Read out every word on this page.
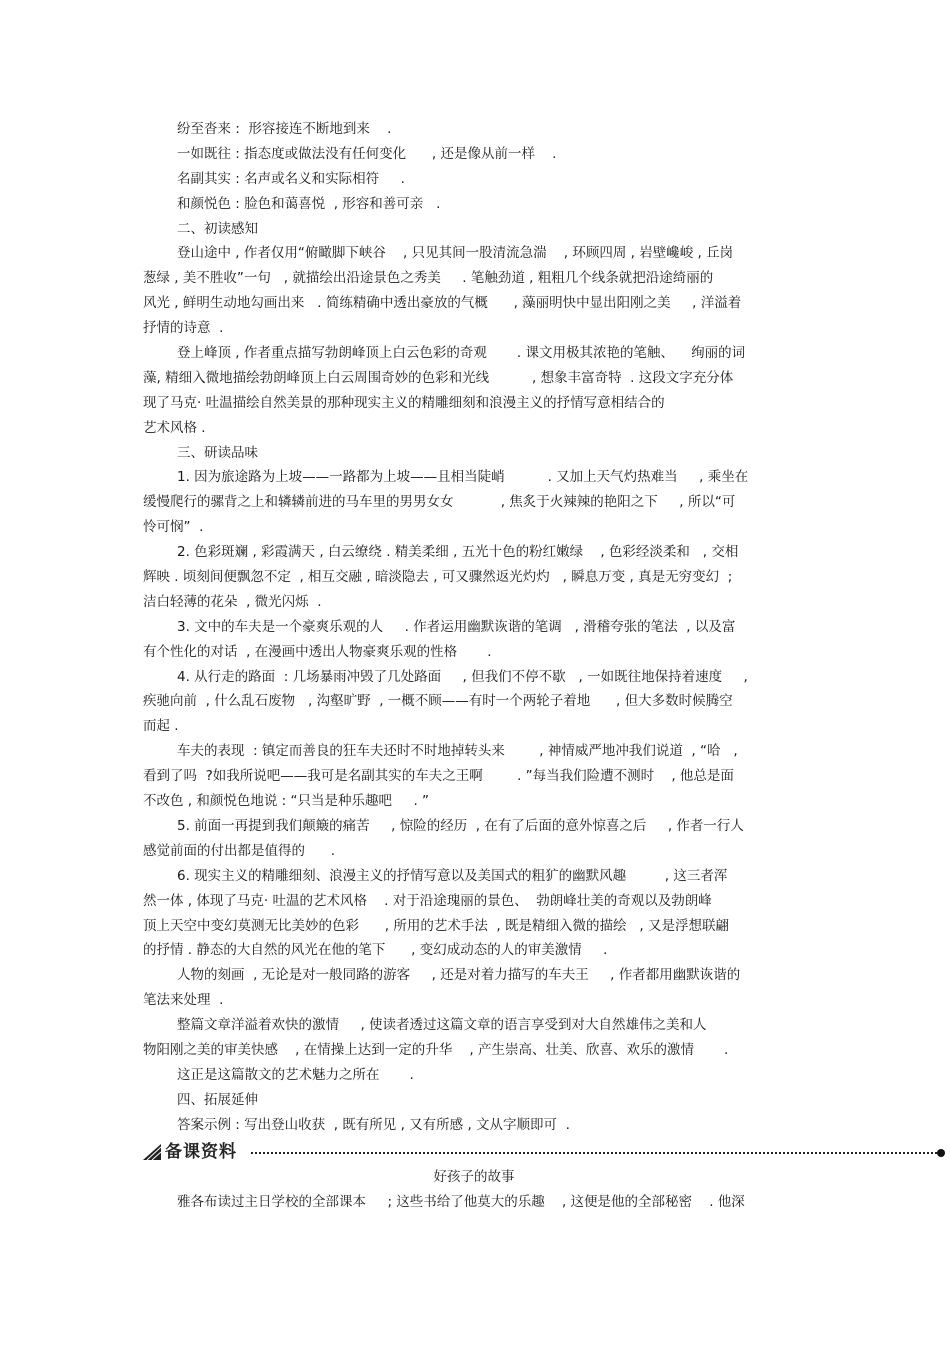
纷至沓来 :  形容接连不断地到来    .
一如既往 : 指态度或做法没有任何变化      , 还是像从前一样    .
名副其实 : 名声或名义和实际相符     .
和颜悦色 : 脸色和蔼喜悦  , 形容和善可亲   .
二、初读感知
登山途中 , 作者仅用“俯瞰脚下峡谷    , 只见其间一股清流急湍    , 环顾四周 , 岩壁巉峻 , 丘岗
葱绿 , 美不胜收”一句   , 就描绘出沿途景色之秀美     . 笔触劲道 , 粗粗几个线条就把沿途绮丽的
风光 , 鲜明生动地勾画出来   . 简练精确中透出豪放的气概      , 藻丽明快中显出阳刚之美     , 洋溢着
抒情的诗意  .
登上峰顶 , 作者重点描写勃朗峰顶上白云色彩的奇观       . 课文用极其浓艳的笔触、    绚丽的词
藻, 精细入微地描绘勃朗峰顶上白云周围奇妙的色彩和光线          , 想象丰富奇特  . 这段文字充分体
现了马克· 吐温描绘自然美景的那种现实主义的精雕细刻和浪漫主义的抒情写意相结合的
艺术风格 .
三、研读品味
1. 因为旅途路为上坡——一路都为上坡——且相当陡峭          . 又加上天气灼热难当     , 乘坐在
缓慢爬行的骡背之上和辚辚前进的马车里的男男女女           , 焦炙于火辣辣的艳阳之下     , 所以“可
怜可悯”  .
2. 色彩斑斓 , 彩霞满天 , 白云缭绕 . 精美柔细 , 五光十色的粉红嫩绿    , 色彩经淡柔和   , 交相
辉映 . 顷刻间便飘忽不定  , 相互交融 , 暗淡隐去 , 可又骤然返光灼灼   , 瞬息万变 , 真是无穷变幻  ;
洁白轻薄的花朵  , 微光闪烁  .
3. 文中的车夫是一个豪爽乐观的人     . 作者运用幽默诙谐的笔调   , 滑稽夸张的笔法  , 以及富
有个性化的对话  , 在漫画中透出人物豪爽乐观的性格       .
4. 从行走的路面  : 几场暴雨冲毁了几处路面     , 但我们不停不歇   , 一如既往地保持着速度     ,
疾驰向前  , 什么乱石废物   , 沟壑旷野  , 一概不顾——有时一个两轮子着地      , 但大多数时候腾空
而起 .
车夫的表现  : 镇定而善良的狂车夫还时不时地掉转头来        , 神情威严地冲我们说道  , “哈   ,
看到了吗  ?如我所说吧——我可是名副其实的车夫之王啊        . ”每当我们险遭不测时    , 他总是面
不改色 , 和颜悦色地说 : “只当是种乐趣吧     . ”
5. 前面一再提到我们颠簸的痛苦     , 惊险的经历  , 在有了后面的意外惊喜之后     , 作者一行人
感觉前面的付出都是值得的      .
6. 现实主义的精雕细刻、浪漫主义的抒情写意以及美国式的粗犷的幽默风趣         , 这三者浑
然一体 , 体现了马克· 吐温的艺术风格    . 对于沿途瑰丽的景色、  勃朗峰壮美的奇观以及勃朗峰
顶上天空中变幻莫测无比美妙的色彩      , 所用的艺术手法  , 既是精细入微的描绘   , 又是浮想联翩
的抒情 . 静态的大自然的风光在他的笔下      , 变幻成动态的人的审美激情     .
人物的刻画  , 无论是对一般同路的游客     , 还是对着力描写的车夫王     , 作者都用幽默诙谐的
笔法来处理  .
整篇文章洋溢着欢快的激情     , 使读者透过这篇文章的语言享受到对大自然雄伟之美和人
物阳刚之美的审美快感    , 在情操上达到一定的升华    , 产生崇高、壮美、欣喜、欢乐的激情       .
这正是这篇散文的艺术魅力之所在       .
四、拓展延伸
答案示例 : 写出登山收获  , 既有所见 , 又有所感 , 文从字顺即可  .
备课资料
好孩子的故事
雅各布读过主日学校的全部课本     ; 这些书给了他莫大的乐趣    , 这便是他的全部秘密    . 他深
